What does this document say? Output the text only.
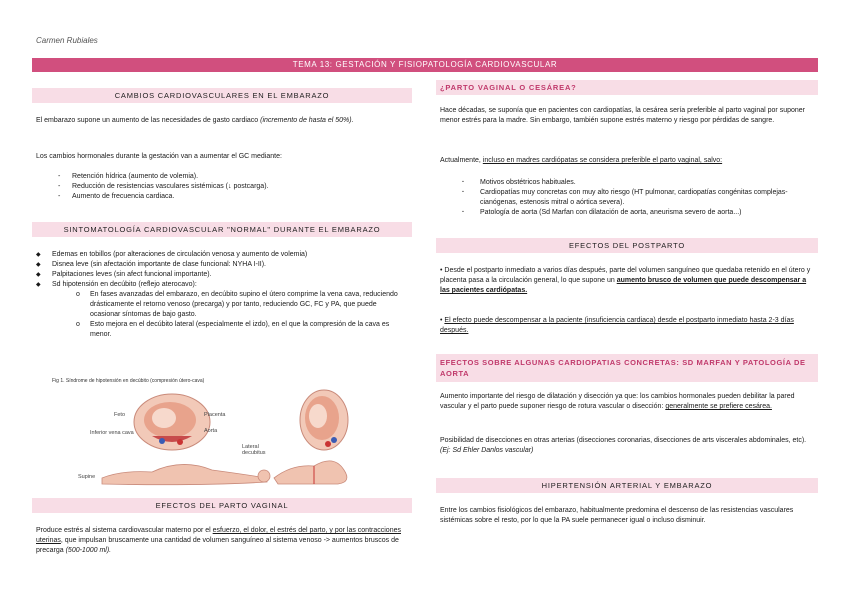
Carmen Rubiales
TEMA 13: GESTACIÓN Y FISIOPATOLOGÍA CARDIOVASCULAR
CAMBIOS CARDIOVASCULARES EN EL EMBARAZO

El embarazo supone un aumento de las necesidades de gasto cardiaco (incremento de hasta el 50%).

Los cambios hormonales durante la gestación van a aumentar el GC mediante:

- Retención hídrica (aumento de volemia).
- Reducción de resistencias vasculares sistémicas (↓ postcarga).
- Aumento de frecuencia cardiaca.
SINTOMATOLOGÍA CARDIOVASCULAR "NORMAL" DURANTE EL EMBARAZO
◆ Edemas en tobillos (por alteraciones de circulación venosa y aumento de volemia)
◆ Disnea leve (sin afectación importante de clase funcional: NYHA I-II).
◆ Palpitaciones leves (sin afect funcional importante).
◆ Sd hipotensión en decúbito (reflejo aterocavo):
o En fases avanzadas del embarazo, en decúbito supino el útero comprime la vena cava, reduciendo drásticamente el retorno venoso (precarga) y por tanto, reduciendo GC, FC y PA, que puede ocasionar síntomas de bajo gasto.
o Esto mejora en el decúbito lateral (especialmente el izdo), en el que la compresión de la cava es menor.
Fig 1. Síndrome de hipotensión en decúbito (compresión útero-cava)
Feto	Placenta
Inferior vena cava	Aorta
Supine
Lateral decubitus
EFECTOS DEL PARTO VAGINAL

Produce estrés al sistema cardiovascular materno por el esfuerzo, el dolor, el estrés del parto, y por las contracciones uterinas, que impulsan bruscamente una cantidad de volumen sanguíneo al sistema venoso -> aumentos bruscos de precarga (500-1000 ml).

¿PARTO VAGINAL O CESÁREA?

Hace décadas, se suponía que en pacientes con cardiopatías, la cesárea sería preferible al parto vaginal por suponer menor estrés para la madre. Sin embargo, también supone estrés materno y riesgo por pérdidas de sangre.

Actualmente, incluso en madres cardiópatas se considera preferible el parto vaginal, salvo:

· Motivos obstétricos habituales.
· Cardiopatías muy concretas con muy alto riesgo (HT pulmonar, cardiopatías congénitas complejas-cianógenas, estenosis mitral o aórtica severa).
· Patología de aorta (Sd Marfan con dilatación de aorta, aneurisma severo de aorta...)
EFECTOS DEL POSTPARTO

• Desde el postparto inmediato a varios días después, parte del volumen sanguíneo que quedaba retenido en el útero y placenta pasa a la circulación general, lo que supone un aumento brusco de volumen que puede descompensar a las pacientes cardiópatas.

• El efecto puede descompensar a la paciente (insuficiencia cardiaca) desde el postparto inmediato hasta 2-3 días después.

EFECTOS SOBRE ALGUNAS CARDIOPATIAS CONCRETAS: SD MARFAN Y PATOLOGÍA DE AORTA

Aumento importante del riesgo de dilatación y disección ya que: los cambios hormonales pueden debilitar la pared vascular y el parto puede suponer riesgo de rotura vascular o disección: generalmente se prefiere cesárea.

Posibilidad de disecciones en otras arterias (disecciones coronarias, disecciones de arts viscerales abdominales, etc). (Ej: Sd Ehler Danlos vascular)

HIPERTENSIÓN ARTERIAL Y EMBARAZO

Entre los cambios fisiológicos del embarazo, habitualmente predomina el descenso de las resistencias vasculares sistémicas sobre el resto, por lo que la PA suele permanecer igual o incluso disminuir.
